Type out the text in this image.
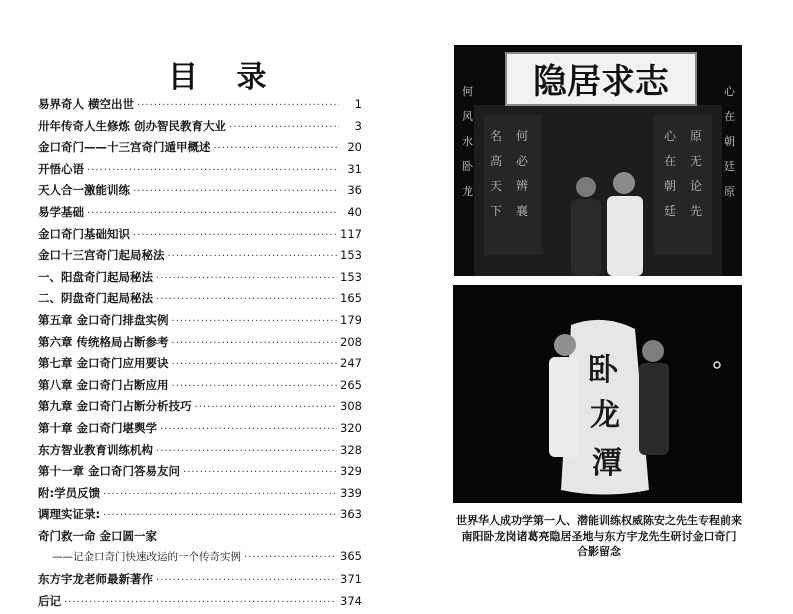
目 录
易界奇人 横空出世 ·····	1
卅年传奇人生修炼 创办智民教育大业 ·····	3
金口奇门——十三宫奇门遁甲概述 ·····	20
开悟心语 ·····	31
天人合一激能训练 ·····	36
易学基础 ·····	40
金口奇门基础知识 ·····	117
金口十三宫奇门起局秘法 ·····	153
一、阳盘奇门起局秘法 ·····	153
二、阴盘奇门起局秘法 ·····	165
第五章 金口奇门排盘实例 ·····	179
第六章 传统格局占断参考 ·····	208
第七章 金口奇门应用要诀 ·····	247
第八章 金口奇门占断应用 ·····	265
第九章 金口奇门占断分析技巧 ·····	308
第十章 金口奇门堪舆学 ·····	320
东方智业教育训练机构 ·····	328
第十一章 金口奇门答易友问 ·····	329
附:学员反馈 ·····	339
调理实证录: ·····	363
奇门救一命 金口圆一家
——记金口奇门快速改运的一个传奇实例 ·····	365
东方宇龙老师最新著作 ·····	371
后记 ·····	374
何
风
水
卧
龙
心
在
朝
廷
原
名
高
天
下
何
必
辨
襄
心
在
朝
廷
原
无
论
先
隐居求志
卧
龙
潭
世界华人成功学第一人、潜能训练权威陈安之先生专程前来
南阳卧龙岗诸葛亮隐居圣地与东方宇龙先生研讨金口奇门
合影留念
